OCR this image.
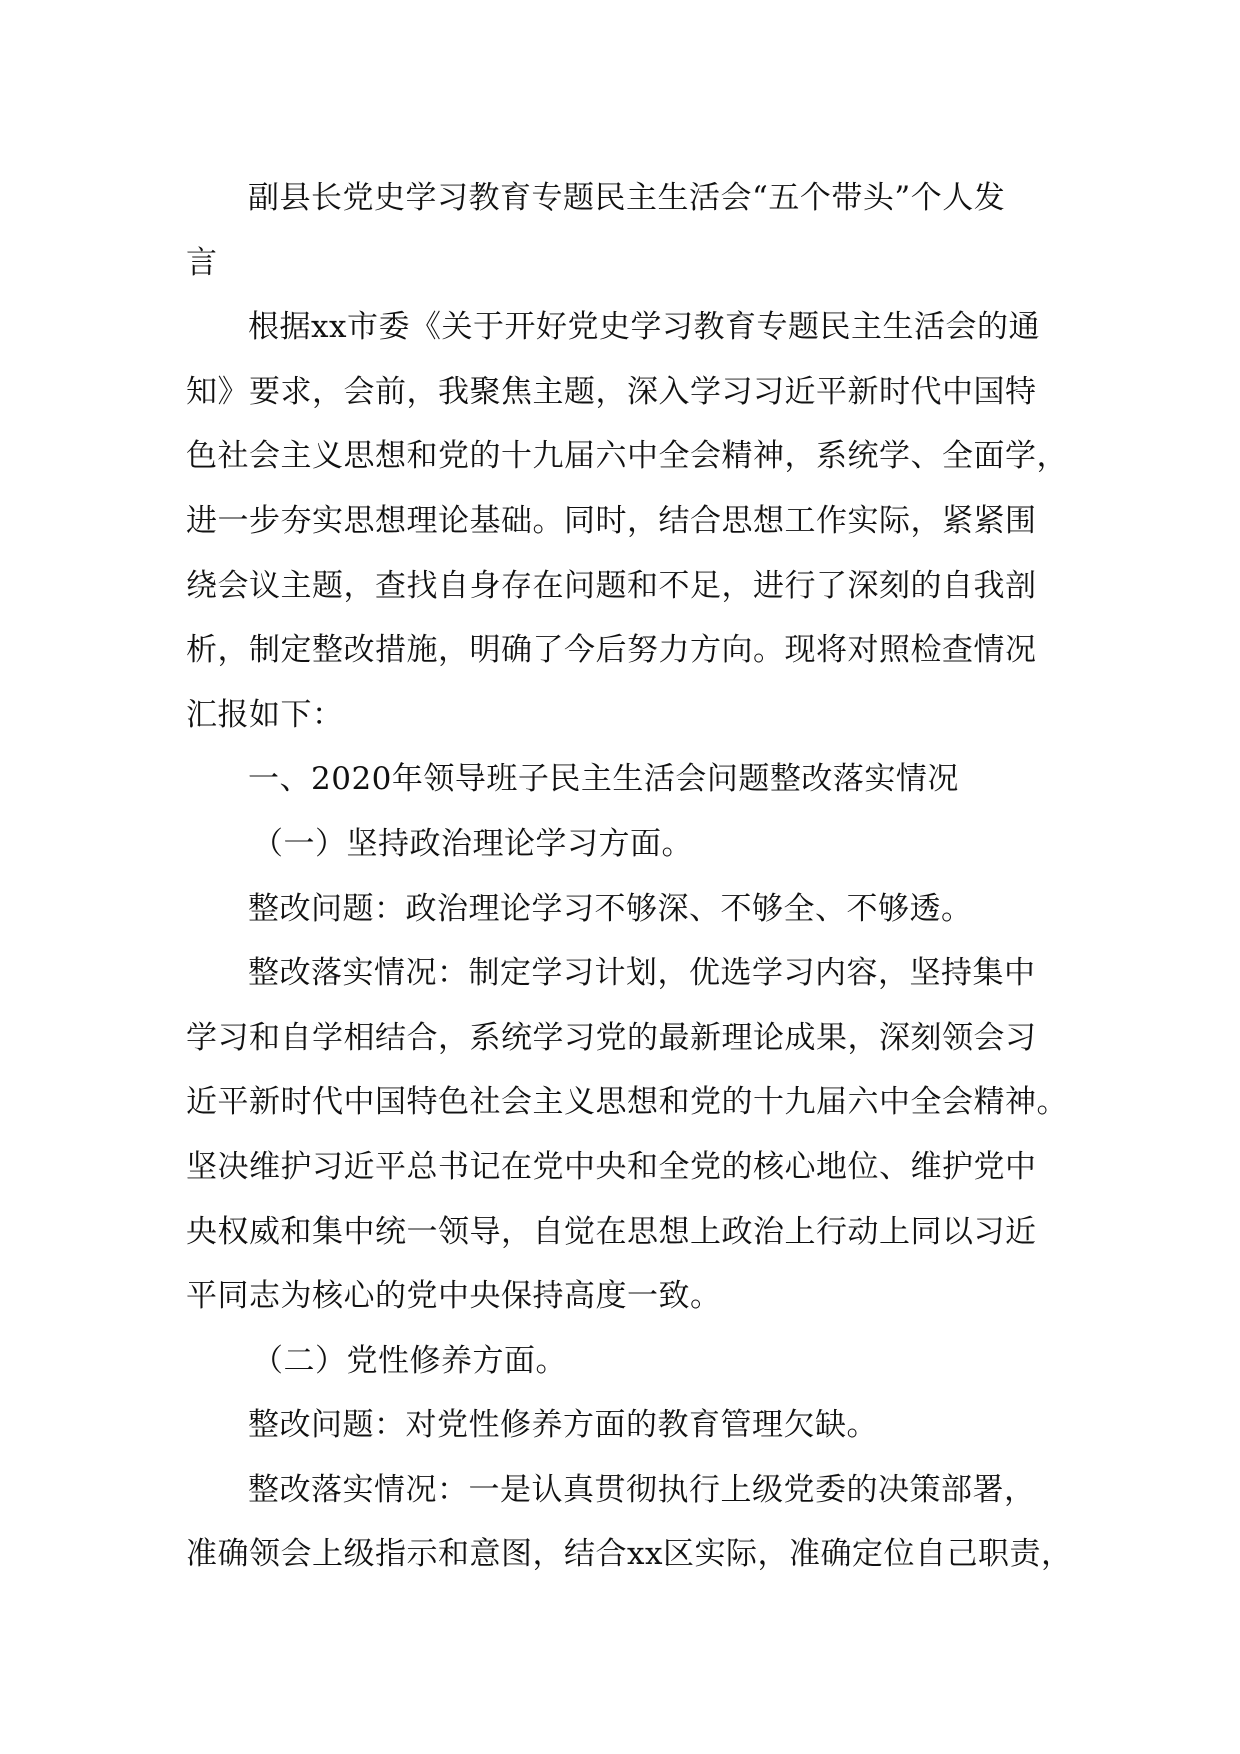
副县长党史学习教育专题民主生活会“五个带头”个人发
言
根据xx市委《关于开好党史学习教育专题民主生活会的通
知》要求，会前，我聚焦主题，深入学习习近平新时代中国特
色社会主义思想和党的十九届六中全会精神，系统学、全面学，
进一步夯实思想理论基础。同时，结合思想工作实际，紧紧围
绕会议主题，查找自身存在问题和不足，进行了深刻的自我剖
析，制定整改措施，明确了今后努力方向。现将对照检查情况
汇报如下：
一、2020年领导班子民主生活会问题整改落实情况
（一）坚持政治理论学习方面。
整改问题：政治理论学习不够深、不够全、不够透。
整改落实情况：制定学习计划，优选学习内容，坚持集中
学习和自学相结合，系统学习党的最新理论成果，深刻领会习
近平新时代中国特色社会主义思想和党的十九届六中全会精神。
坚决维护习近平总书记在党中央和全党的核心地位、维护党中
央权威和集中统一领导，自觉在思想上政治上行动上同以习近
平同志为核心的党中央保持高度一致。
（二）党性修养方面。
整改问题：对党性修养方面的教育管理欠缺。
整改落实情况：一是认真贯彻执行上级党委的决策部署，
准确领会上级指示和意图，结合xx区实际，准确定位自己职责，
